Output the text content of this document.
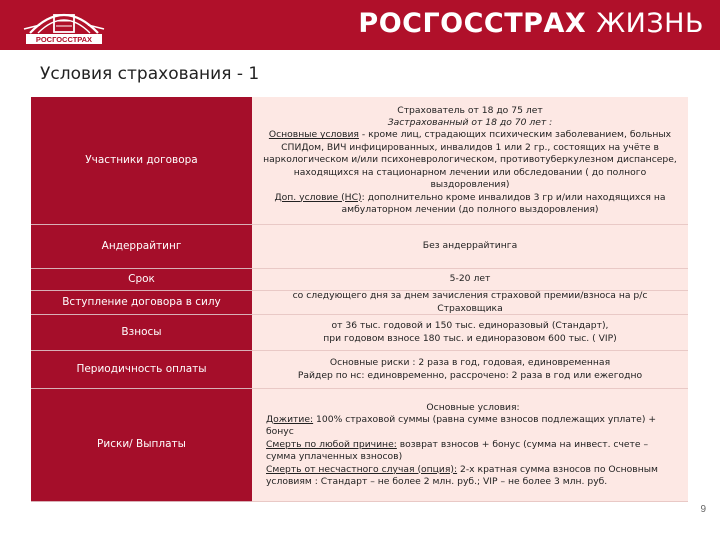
РОСГОССТРАХ
РОСГОССТРАХ ЖИЗНЬ
Условия страхования - 1
Участники договора
Страхователь от 18 до 75 лет
Застрахованный от 18 до 70 лет :
Основные условия - кроме лиц, страдающих психическим заболеванием, больных СПИДом, ВИЧ инфицированных, инвалидов 1 или 2 гр., состоящих на учёте в наркологическом и/или психоневрологическом, противотуберкулезном диспансере, находящихся на стационарном лечении или обследовании ( до полного выздоровления)
Доп. условие (НС): дополнительно кроме инвалидов 3 гр и/или находящихся на амбулаторном лечении (до полного выздоровления)
Андеррайтинг	Без андеррайтинга
Срок	5-20 лет
Вступление договора в силу
со следующего дня за днем зачисления страховой премии/взноса на р/с Страховщика
Взносы
от 36 тыс. годовой и 150 тыс. единоразовый (Стандарт),
при годовом взносе 180 тыс. и единоразовом 600 тыс. ( VIP)
Периодичность оплаты
Основные риски : 2 раза в год, годовая, единовременная
Райдер по нс: единовременно, рассрочено: 2 раза в год или ежегодно
Риски/ Выплаты
Основные условия:
Дожитие: 100% страховой суммы (равна сумме взносов подлежащих уплате) + бонус
Смерть по любой причине: возврат взносов + бонус (сумма на инвест. счете – сумма уплаченных взносов)
Смерть от несчастного случая (опция): 2-х кратная сумма взносов по Основным условиям : Стандарт – не более 2 млн. руб.; VIP – не более 3 млн. руб.
9
